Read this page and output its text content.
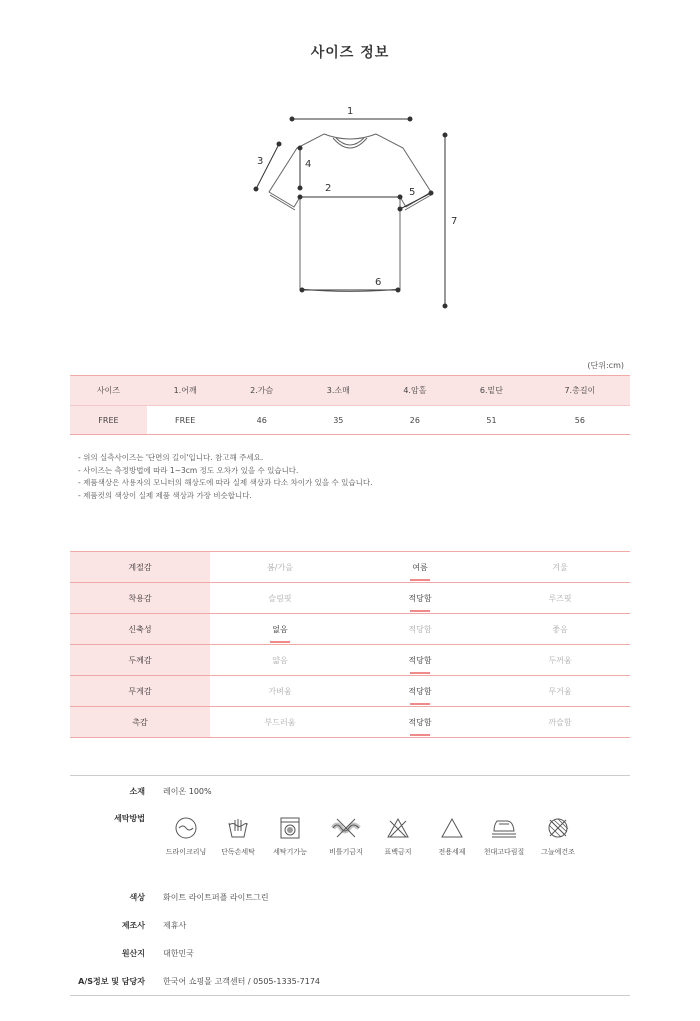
사이즈 정보
1
2
3	4
5
6
7
(단위:cm)
사이즈	1.어깨	2.가슴	3.소매	4.암홀	6.밑단	7.총길이
FREE	FREE	46	35	26	51	56
- 위의 실측사이즈는 '단면의 길이'입니다. 참고해 주세요.
- 사이즈는 측정방법에 따라 1~3cm 정도 오차가 있을 수 있습니다.
- 제품색상은 사용자의 모니터의 해상도에 따라 실제 색상과 다소 차이가 있을 수 있습니다.
- 제품컷의 색상이 실제 제품 색상과 가장 비슷합니다.
계절감	봄/가을	여름	겨울
착용감	슬림핏	적당함	루즈핏
신축성	없음	적당함	좋음
두께감	얇음	적당함	두꺼움
무게감	가벼움	적당함	무거움
촉감	부드러움	적당함	까슬함
소재 레이온 100%
세탁방법
드라이크리닝	단독손세탁	세탁기가능	비틀기금지	표백금지	전용세제	천대고다림질	그늘에건조
색상 화이트 라이트퍼플 라이트그린
제조사 제휴사
원산지 대한민국
A/S정보 및 담당자 한국어 쇼핑몰 고객센터 / 0505-1335-7174
